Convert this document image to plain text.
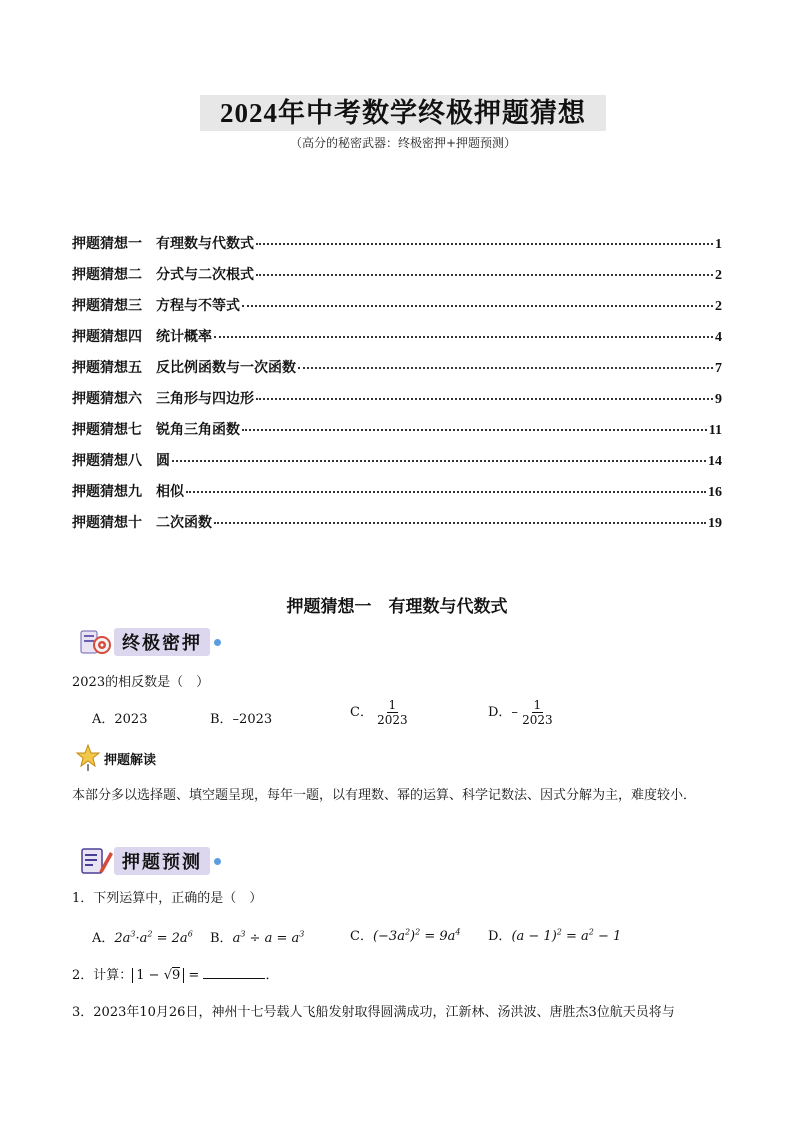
2024年中考数学终极押题猜想
（高分的秘密武器：终极密押+押题预测）
押题猜想一 有理数与代数式	1
押题猜想二 分式与二次根式	2
押题猜想三 方程与不等式	2
押题猜想四 统计概率	4
押题猜想五 反比例函数与一次函数	7
押题猜想六 三角形与四边形	9
押题猜想七 锐角三角函数	11
押题猜想八 圆	14
押题猜想九 相似	16
押题猜想十 二次函数	19
押题猜想一　有理数与代数式
终极密押
2023的相反数是（　）
A．2023	B．–2023	C． $\frac{1}{2023}$	D．– $\frac{1}{2023}$
押题解读
本部分多以选择题、填空题呈现，每年一题，以有理数、幂的运算、科学记数法、因式分解为主，难度较小．
押题预测
1．下列运算中，正确的是（　）
A．$2a^3\cdot a^2 = 2a^6$ B．$a^3 \div a = a^3$	C．$(-3a^2)^2 = 9a^4$ D．$(a - 1)^2 = a^2 - 1$
2．计算： 1 − √9 =	．
3．2023年10月26日，神州十七号载人飞船发射取得圆满成功，江新林、汤洪波、唐胜杰3位航天员将与
